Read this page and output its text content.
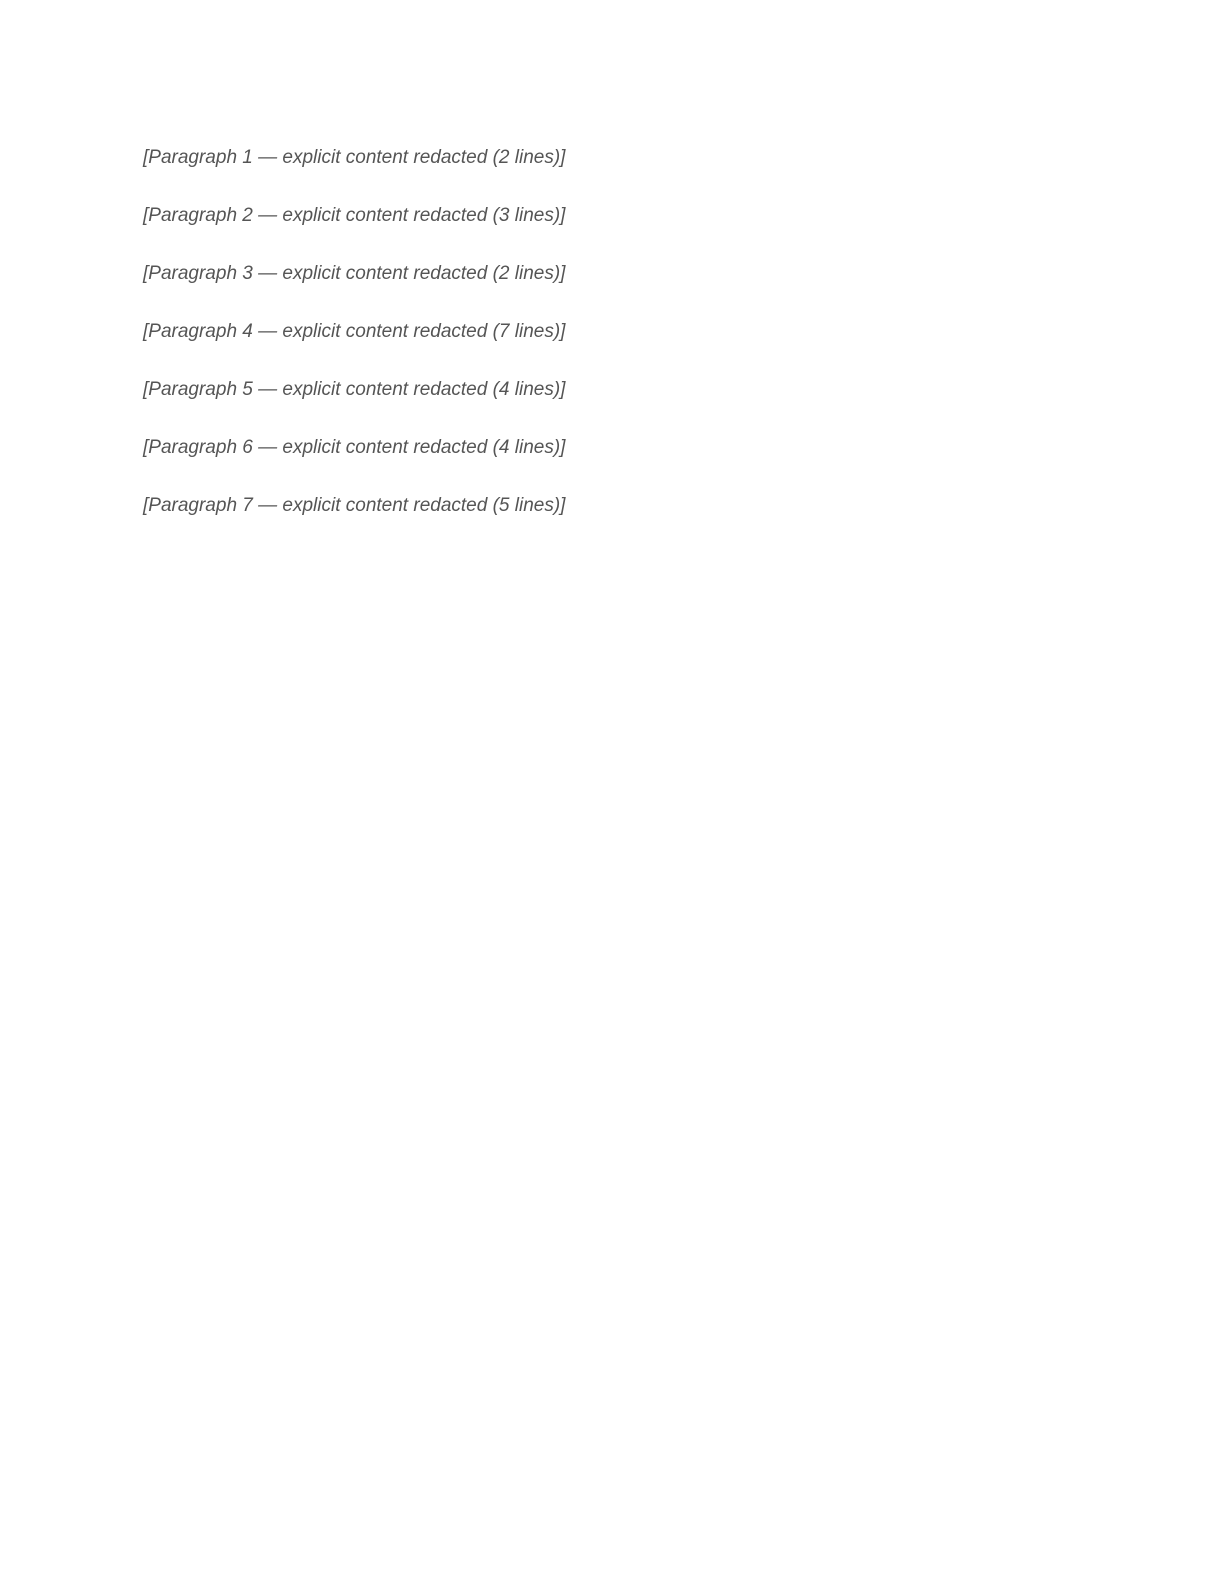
[Paragraph 1 — explicit content redacted (2 lines)]

[Paragraph 2 — explicit content redacted (3 lines)]

[Paragraph 3 — explicit content redacted (2 lines)]

[Paragraph 4 — explicit content redacted (7 lines)]

[Paragraph 5 — explicit content redacted (4 lines)]

[Paragraph 6 — explicit content redacted (4 lines)]

[Paragraph 7 — explicit content redacted (5 lines)]
